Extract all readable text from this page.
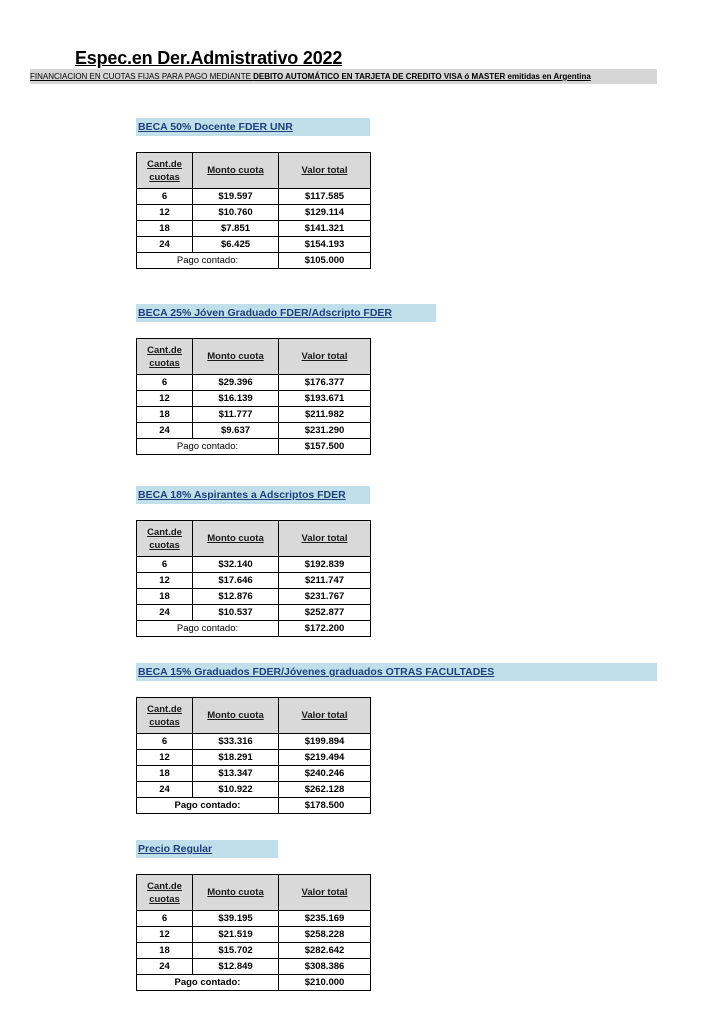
Espec.en Der.Admistrativo 2022
FINANCIACION EN CUOTAS FIJAS PARA PAGO MEDIANTE DEBITO AUTOMÁTICO EN TARJETA DE CREDITO VISA ó MASTER emitidas en Argentina
BECA 50% Docente FDER UNR
Cant.de cuotas	Monto cuota	Valor total
6	$19.597	$117.585
12	$10.760	$129.114
18	$7.851	$141.321
24	$6.425	$154.193
Pago contado:		$105.000
BECA 25% Jóven Graduado FDER/Adscripto FDER
Cant.de cuotas	Monto cuota	Valor total
6	$29.396	$176.377
12	$16.139	$193.671
18	$11.777	$211.982
24	$9.637	$231.290
Pago contado:		$157.500
BECA 18% Aspirantes a Adscriptos FDER
Cant.de cuotas	Monto cuota	Valor total
6	$32.140	$192.839
12	$17.646	$211.747
18	$12.876	$231.767
24	$10.537	$252.877
Pago contado:		$172.200
BECA 15% Graduados FDER/Jóvenes graduados OTRAS FACULTADES
Cant.de cuotas	Monto cuota	Valor total
6	$33.316	$199.894
12	$18.291	$219.494
18	$13.347	$240.246
24	$10.922	$262.128
Pago contado:		$178.500
Precio Regular
Cant.de cuotas	Monto cuota	Valor total
6	$39.195	$235.169
12	$21.519	$258.228
18	$15.702	$282.642
24	$12.849	$308.386
Pago contado:		$210.000
